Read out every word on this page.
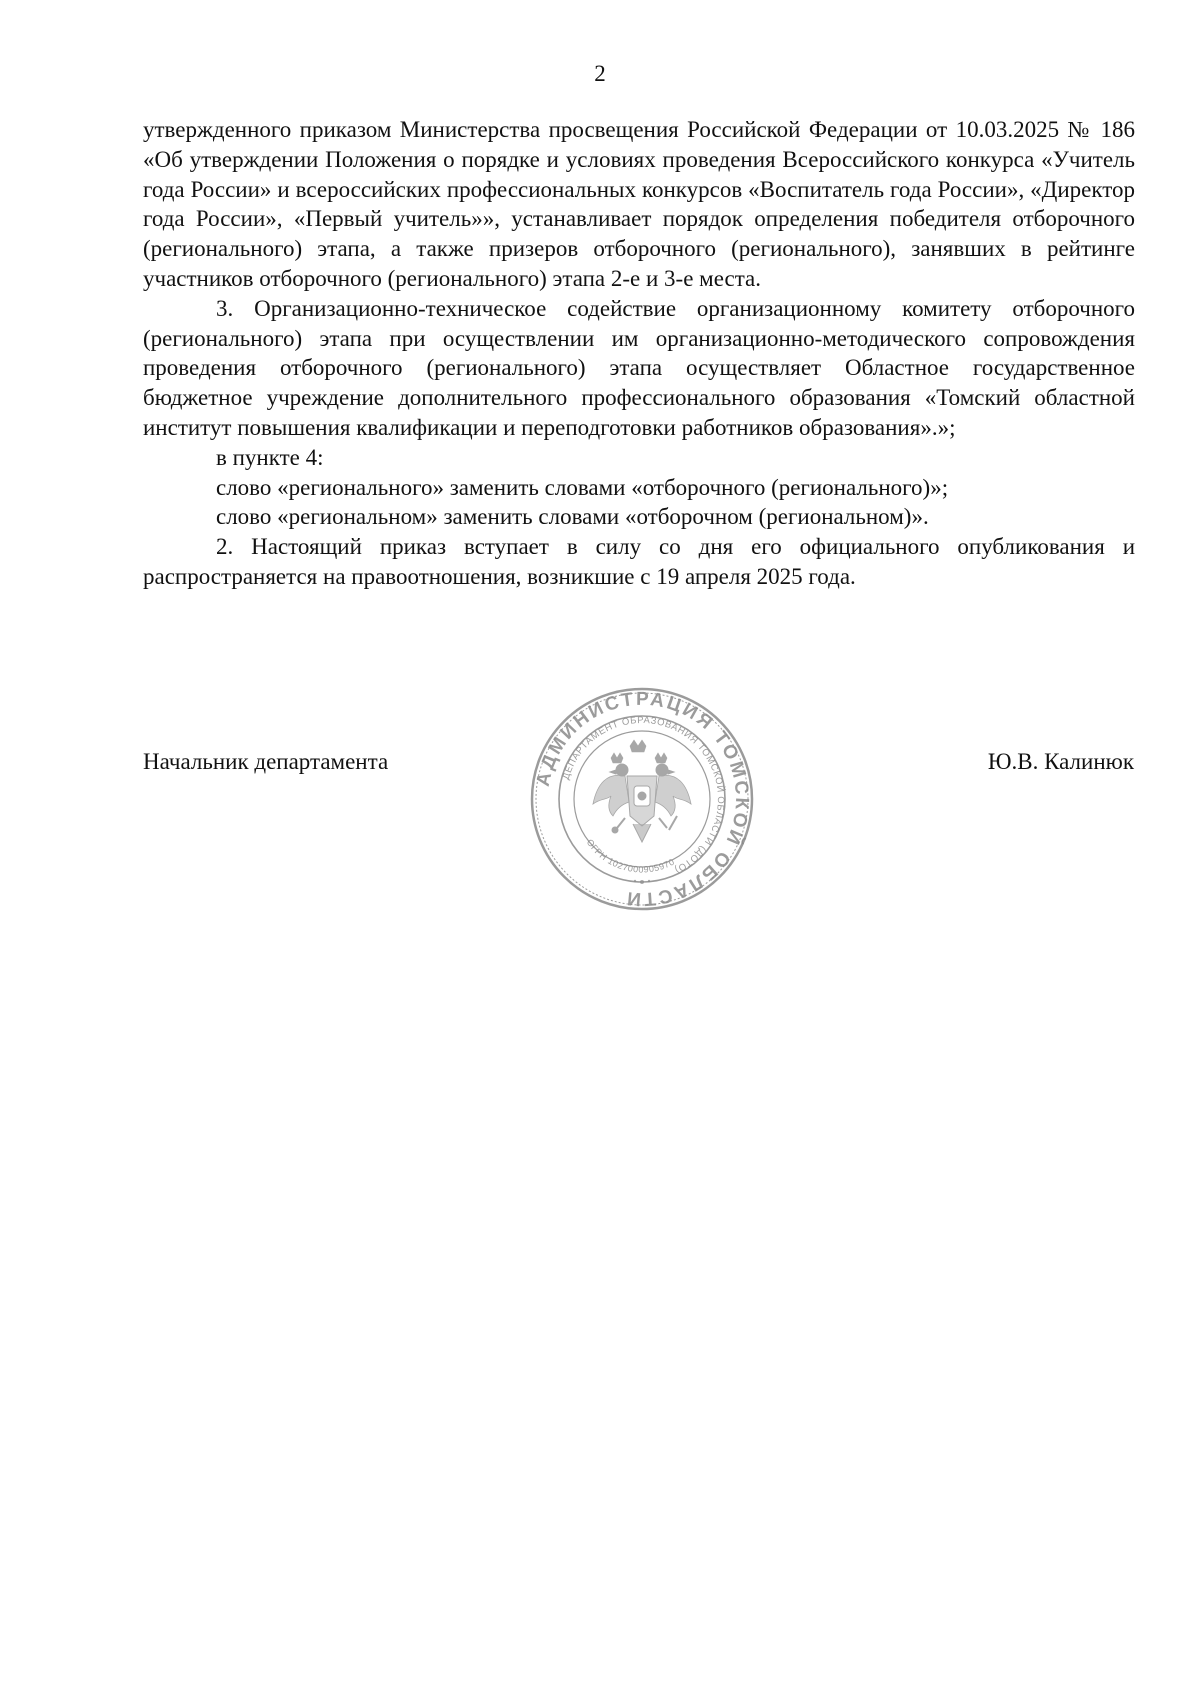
2

утвержденного приказом Министерства просвещения Российской Федерации от 10.03.2025 № 186 «Об утверждении Положения о порядке и условиях проведения Всероссийского конкурса «Учитель года России» и всероссийских профессиональных конкурсов «Воспитатель года России», «Директор года России», «Первый учитель»», устанавливает порядок определения победителя отборочного (регионального) этапа, а также призеров отборочного (регионального), занявших в рейтинге участников отборочного (регионального) этапа 2-е и 3-е места.

3. Организационно-техническое содействие организационному комитету отборочного (регионального) этапа при осуществлении им организационно-методического сопровождения проведения отборочного (регионального) этапа осуществляет Областное государственное бюджетное учреждение дополнительного профессионального образования «Томский областной институт повышения квалификации и переподготовки работников образования».»;

в пункте 4:

слово «регионального» заменить словами «отборочного (регионального)»;

слово «региональном» заменить словами «отборочном (региональном)».

2. Настоящий приказ вступает в силу со дня его официального опубликования и распространяется на правоотношения, возникшие с 19 апреля 2025 года.

Начальник департамента
АДМИНИСТРАЦИЯ ТОМСКОЙ ОБЛАСТИ
ДЕПАРТАМЕНТ ОБРАЗОВАНИЯ ТОМСКОЙ ОБЛАСТИ (ДОТО)
ОГРН 1027000905970
Ю.В. Калинюк
